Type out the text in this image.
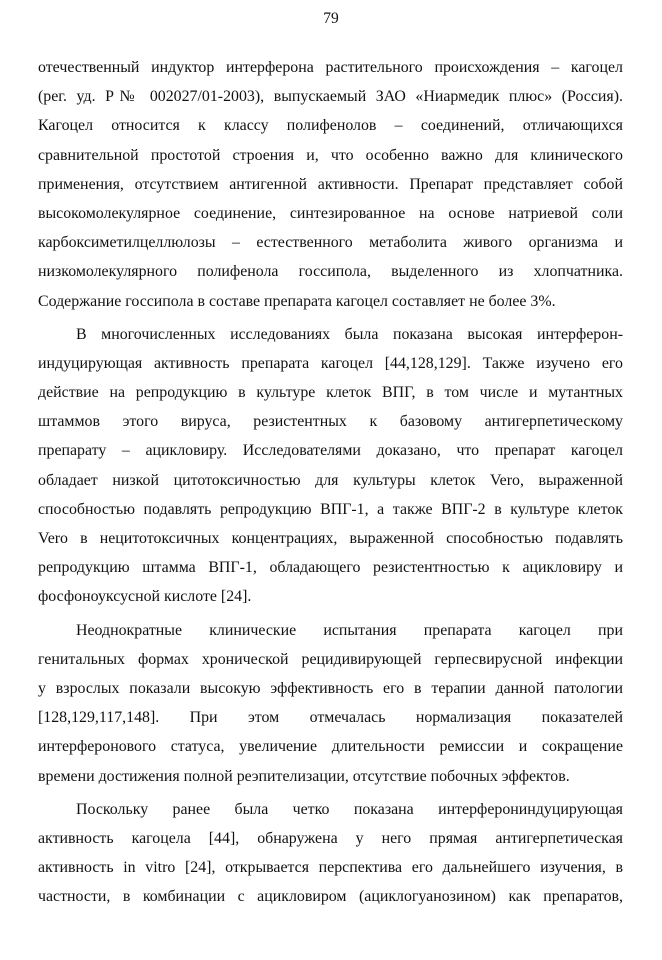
79
отечественный индуктор интерферона растительного происхождения – кагоцел
(рег. уд. Р№ 002027/01-2003), выпускаемый ЗАО «Ниармедик плюс» (Россия).
Кагоцел относится к классу полифенолов – соединений, отличающихся
сравнительной простотой строения и, что особенно важно для клинического
применения, отсутствием антигенной активности. Препарат представляет собой
высокомолекулярное соединение, синтезированное на основе натриевой соли
карбоксиметилцеллюлозы – естественного метаболита живого организма и
низкомолекулярного полифенола госсипола, выделенного из хлопчатника.
Содержание госсипола в составе препарата кагоцел составляет не более 3%.
В многочисленных исследованиях была показана высокая интерферон-
индуцирующая активность препарата кагоцел [44,128,129]. Также изучено его
действие на репродукцию в культуре клеток ВПГ, в том числе и мутантных
штаммов этого вируса, резистентных к базовому антигерпетическому
препарату – ацикловиру. Исследователями доказано, что препарат кагоцел
обладает низкой цитотоксичностью для культуры клеток Vero, выраженной
способностью подавлять репродукцию ВПГ-1, а также ВПГ-2 в культуре клеток
Vero в нецитотоксичных концентрациях, выраженной способностью подавлять
репродукцию штамма ВПГ-1, обладающего резистентностью к ацикловиру и
фосфоноуксусной кислоте [24].
Неоднократные клинические испытания препарата кагоцел при
генитальных формах хронической рецидивирующей герпесвирусной инфекции
у взрослых показали высокую эффективность его в терапии данной патологии
[128,129,117,148]. При этом отмечалась нормализация показателей
интерферонового статуса, увеличение длительности ремиссии и сокращение
времени достижения полной реэпителизации, отсутствие побочных эффектов.
Поскольку ранее была четко показана интерферониндуцирующая
активность кагоцела [44], обнаружена у него прямая антигерпетическая
активность in vitro [24], открывается перспектива его дальнейшего изучения, в
частности, в комбинации с ацикловиром (ациклогуанозином) как препаратов,
